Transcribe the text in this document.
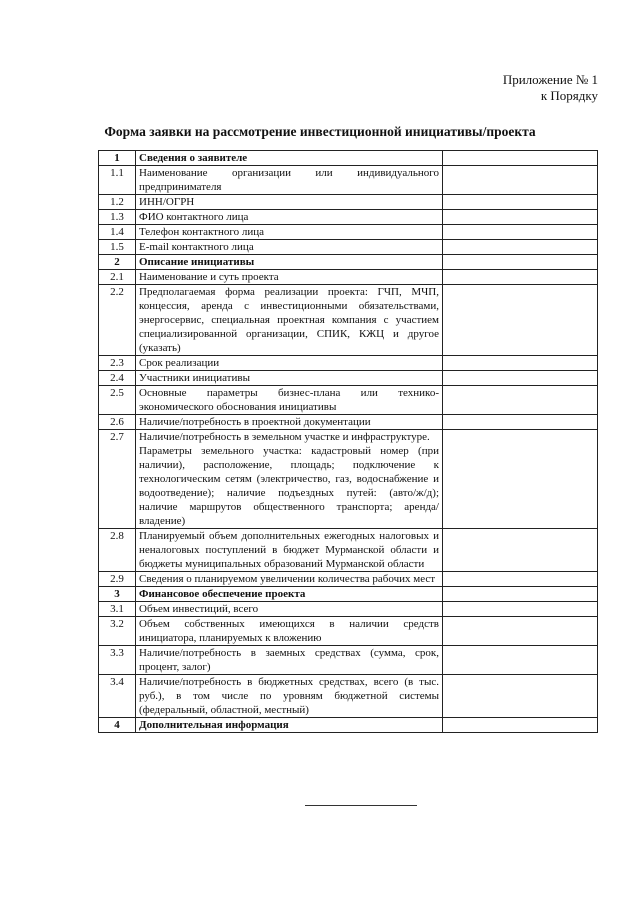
Приложение № 1
к Порядку
Форма заявки на рассмотрение инвестиционной инициативы/проекта
1	Сведения о заявителе	

1.1	Наименование организации или индивидуального предпринимателя	

1.2	ИНН/ОГРН	

1.3	ФИО контактного лица	

1.4	Телефон контактного лица	

1.5	E-mail контактного лица	

2	Описание инициативы	

2.1	Наименование и суть проекта	

2.2	Предполагаемая форма реализации проекта: ГЧП, МЧП, концессия, аренда с инвестиционными обязательствами, энергосервис, специальная проектная компания с участием специализированной организации, СПИК, КЖЦ и другое (указать)	

2.3	Срок реализации	

2.4	Участники инициативы	

2.5	Основные параметры бизнес-плана или технико-экономического обоснования инициативы	

2.6	Наличие/потребность в проектной документации	

2.7	Наличие/потребность в земельном участке и инфраструктуре.
Параметры земельного участка: кадастровый номер (при наличии), расположение, площадь; подключение к технологическим сетям (электричество, газ, водоснабжение и водоотведение); наличие подъездных путей: (авто/ж/д); наличие маршрутов общественного транспорта; аренда/владение)	

2.8	Планируемый объем дополнительных ежегодных налоговых и неналоговых поступлений в бюджет Мурманской области и бюджеты муниципальных образований Мурманской области	

2.9	Сведения о планируемом увеличении количества рабочих мест	

3	Финансовое обеспечение проекта	

3.1	Объем инвестиций, всего	

3.2	Объем собственных имеющихся в наличии средств инициатора, планируемых к вложению	

3.3	Наличие/потребность в заемных средствах (сумма, срок, процент, залог)	

3.4	Наличие/потребность в бюджетных средствах, всего (в тыс. руб.), в том числе по уровням бюджетной системы (федеральный, областной, местный)	

4	Дополнительная информация	
